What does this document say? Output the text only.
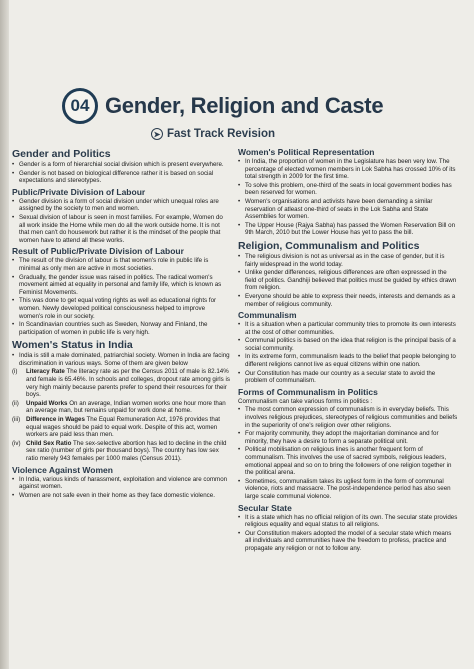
04 Gender, Religion and Caste
➤ Fast Track Revision
Gender and Politics
• Gender is a form of hierarchial social division which is present everywhere.
• Gender is not based on biological difference rather it is based on social expectations and stereotypes.
Public/Private Division of Labour
• Gender division is a form of social division under which unequal roles are assigned by the society to men and women.
• Sexual division of labour is seen in most families. For example, Women do all work inside the Home while men do all the work outside home. It is not that men can't do housework but rather it is the mindset of the people that women have to attend all these works.
Result of Public/Private Division of Labour
• The result of the division of labour is that women's role in public life is minimal as only men are active in most societies.
• Gradually, the gender issue was raised in politics. The radical women's movement aimed at equality in personal and family life, which is known as Feminist Movements.
• This was done to get equal voting rights as well as educational rights for women. Newly developed political consciousness helped to improve women's role in our society.
• In Scandinavian countries such as Sweden, Norway and Finland, the participation of women in public life is very high.
Women's Status in India
• India is still a male dominated, patriarchial society. Women in India are facing discrimination in various ways. Some of them are given below
(i) Literacy Rate The literacy rate as per the Census 2011 of male is 82.14% and female is 65.46%. In schools and colleges, dropout rate among girls is very high mainly because parents prefer to spend their resources for their boys.
(ii) Unpaid Works On an average, Indian women works one hour more than an average man, but remains unpaid for work done at home.
(iii) Difference in Wages The Equal Remuneration Act, 1976 provides that equal wages should be paid to equal work. Despite of this act, women workers are paid less than men.
(iv) Child Sex Ratio The sex-selective abortion has led to decline in the child sex ratio (number of girls per thousand boys). The country has low sex ratio merely 943 females per 1000 males (Census 2011).
Violence Against Women
• In India, various kinds of harassment, exploitation and violence are common against women.
• Women are not safe even in their home as they face domestic violence.
Women's Political Representation
• In India, the proportion of women in the Legislature has been very low. The percentage of elected women members in Lok Sabha has crossed 10% of its total strength in 2009 for the first time.
• To solve this problem, one-third of the seats in local government bodies has been reserved for women.
• Women's organisations and activists have been demanding a similar reservation of atleast one-third of seats in the Lok Sabha and State Assemblies for women.
• The Upper House (Rajya Sabha) has passed the Women Reservation Bill on 9th March, 2010 but the Lower House has yet to pass the bill.
Religion, Communalism and Politics
• The religious division is not as universal as in the case of gender, but it is fairly widespread in the world today.
• Unlike gender differences, religious differences are often expressed in the field of politics. Gandhiji believed that politics must be guided by ethics drawn from religion.
• Everyone should be able to express their needs, interests and demands as a member of religious community.
Communalism
• It is a situation when a particular community tries to promote its own interests at the cost of other communities.
• Communal politics is based on the idea that religion is the principal basis of a social community.
• In its extreme form, communalism leads to the belief that people belonging to different religions cannot live as equal citizens within one nation.
• Our Constitution has made our country as a secular state to avoid the problem of communalism.
Forms of Communalism in Politics

Communalism can take various forms in politics :

• The most common expression of communalism is in everyday beliefs. This involves religious prejudices, stereotypes of religious communities and beliefs in the superiority of one's religion over other religions.
• For majority community, they adopt the majoritarian dominance and for minority, they have a desire to form a separate political unit.
• Political mobilisation on religious lines is another frequent form of communalism. This involves the use of sacred symbols, religious leaders, emotional appeal and so on to bring the followers of one religion together in the political arena.
• Sometimes, communalism takes its ugliest form in the form of communal violence, riots and massacre. The post-independence period has also seen large scale communal violence.
Secular State
• It is a state which has no official religion of its own. The secular state provides religious equality and equal status to all religions.
• Our Constitution makers adopted the model of a secular state which means all individuals and communities have the freedom to profess, practice and propagate any religion or not to follow any.
